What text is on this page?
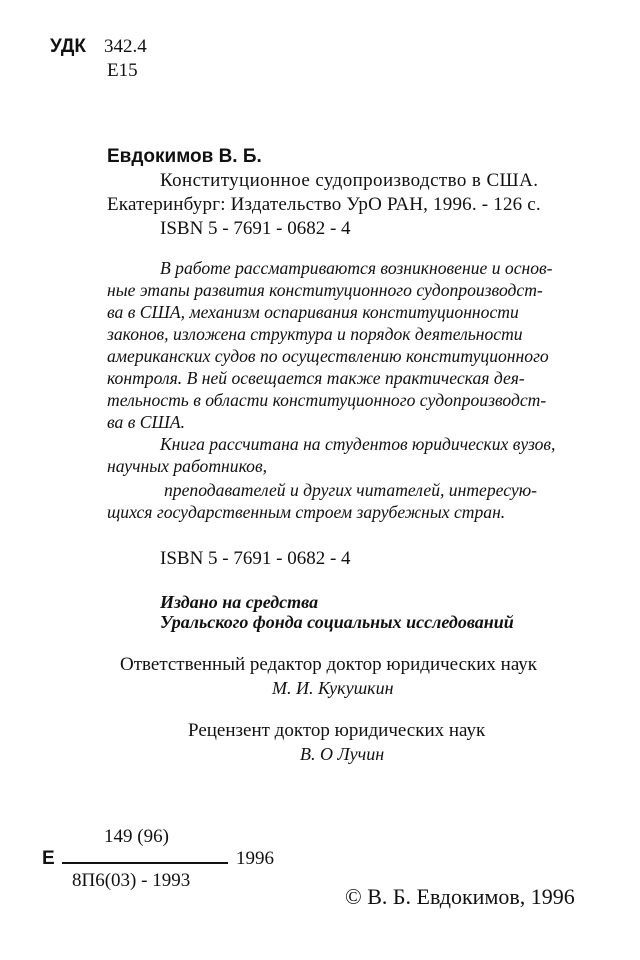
УДК 342.4
Е15
Евдокимов В. Б.
Конституционное судопроизводство в США.
Екатеринбург: Издательство УрО РАН, 1996. - 126 с.
ISBN 5 - 7691 - 0682 - 4
В работе рассматриваются возникновение и основ-
ные этапы развития конституционного судопроизводст-
ва в США, механизм оспаривания конституционности
законов, изложена структура и порядок деятельности
американских судов по осуществлению конституционного
контроля. В ней освещается также практическая дея-
тельность в области конституционного судопроизводст-
ва в США.
Книга рассчитана на студентов юридических вузов,
научных работников,
преподавателей и других читателей, интересую-
щихся государственным строем зарубежных стран.
ISBN 5 - 7691 - 0682 - 4
Издано на средства
Уральского фонда социальных исследований
Ответственный редактор доктор юридических наук
М. И. Кукушкин
Рецензент доктор юридических наук
В. О Лучин
149 (96)
Е	1996
8П6(03) - 1993
© В. Б. Евдокимов, 1996
